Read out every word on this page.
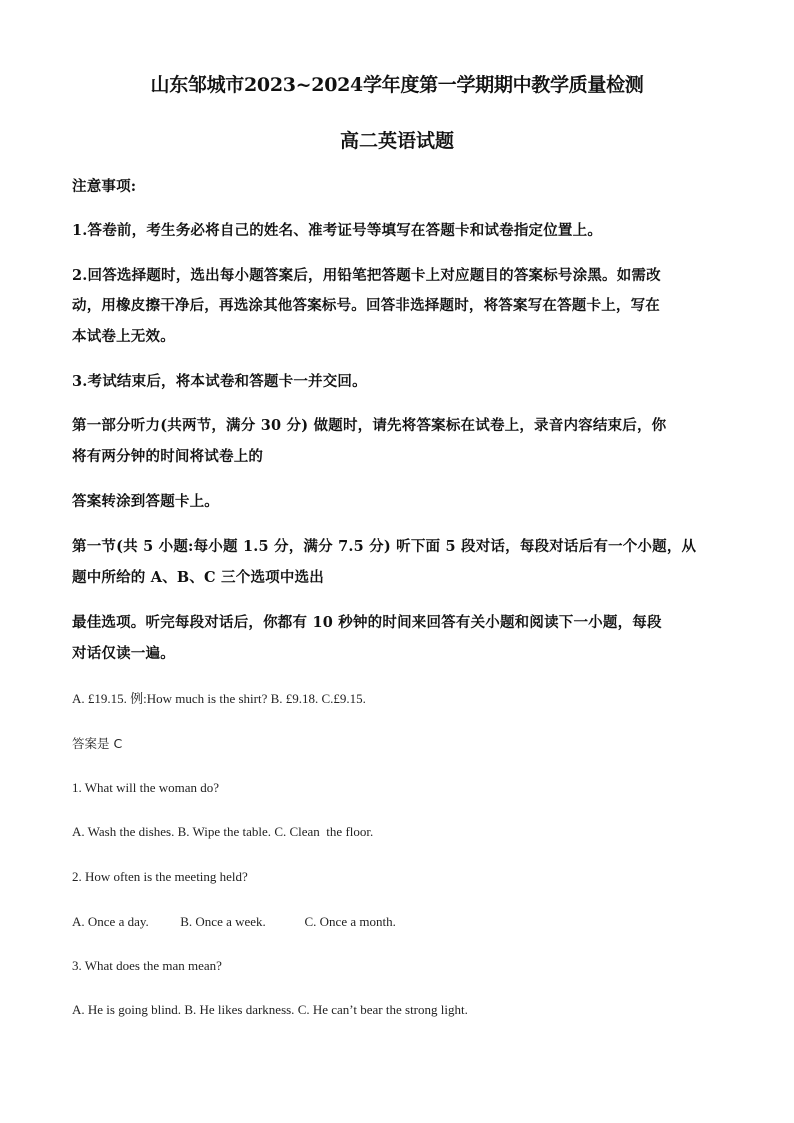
山东邹城市2023~2024学年度第一学期期中教学质量检测
高二英语试题
注意事项:
1.答卷前，考生务必将自己的姓名、准考证号等填写在答题卡和试卷指定位置上。
2.回答选择题时，选出每小题答案后，用铅笔把答题卡上对应题目的答案标号涂黑。如需改
动，用橡皮擦干净后，再选涂其他答案标号。回答非选择题时，将答案写在答题卡上，写在
本试卷上无效。
3.考试结束后，将本试卷和答题卡一并交回。
第一部分听力(共两节，满分 30 分) 做题时，请先将答案标在试卷上，录音内容结束后，你
将有两分钟的时间将试卷上的
答案转涂到答题卡上。
第一节(共 5 小题:每小题 1.5 分，满分 7.5 分) 听下面 5 段对话，每段对话后有一个小题，从
题中所给的 A、B、C 三个选项中选出
最佳选项。听完每段对话后，你都有 10 秒钟的时间来回答有关小题和阅读下一小题，每段
对话仅读一遍。
A. £19.15. 例:How much is the shirt? B. £9.18. C.£9.15.
答案是 C
1. What will the woman do?
A. Wash the dishes. B. Wipe the table. C. Clean  the floor.
2. How often is the meeting held?
A. Once a day. B. Once a week.	C. Once a month.
3. What does the man mean?
A. He is going blind. B. He likes darkness. C. He can’t bear the strong light.
